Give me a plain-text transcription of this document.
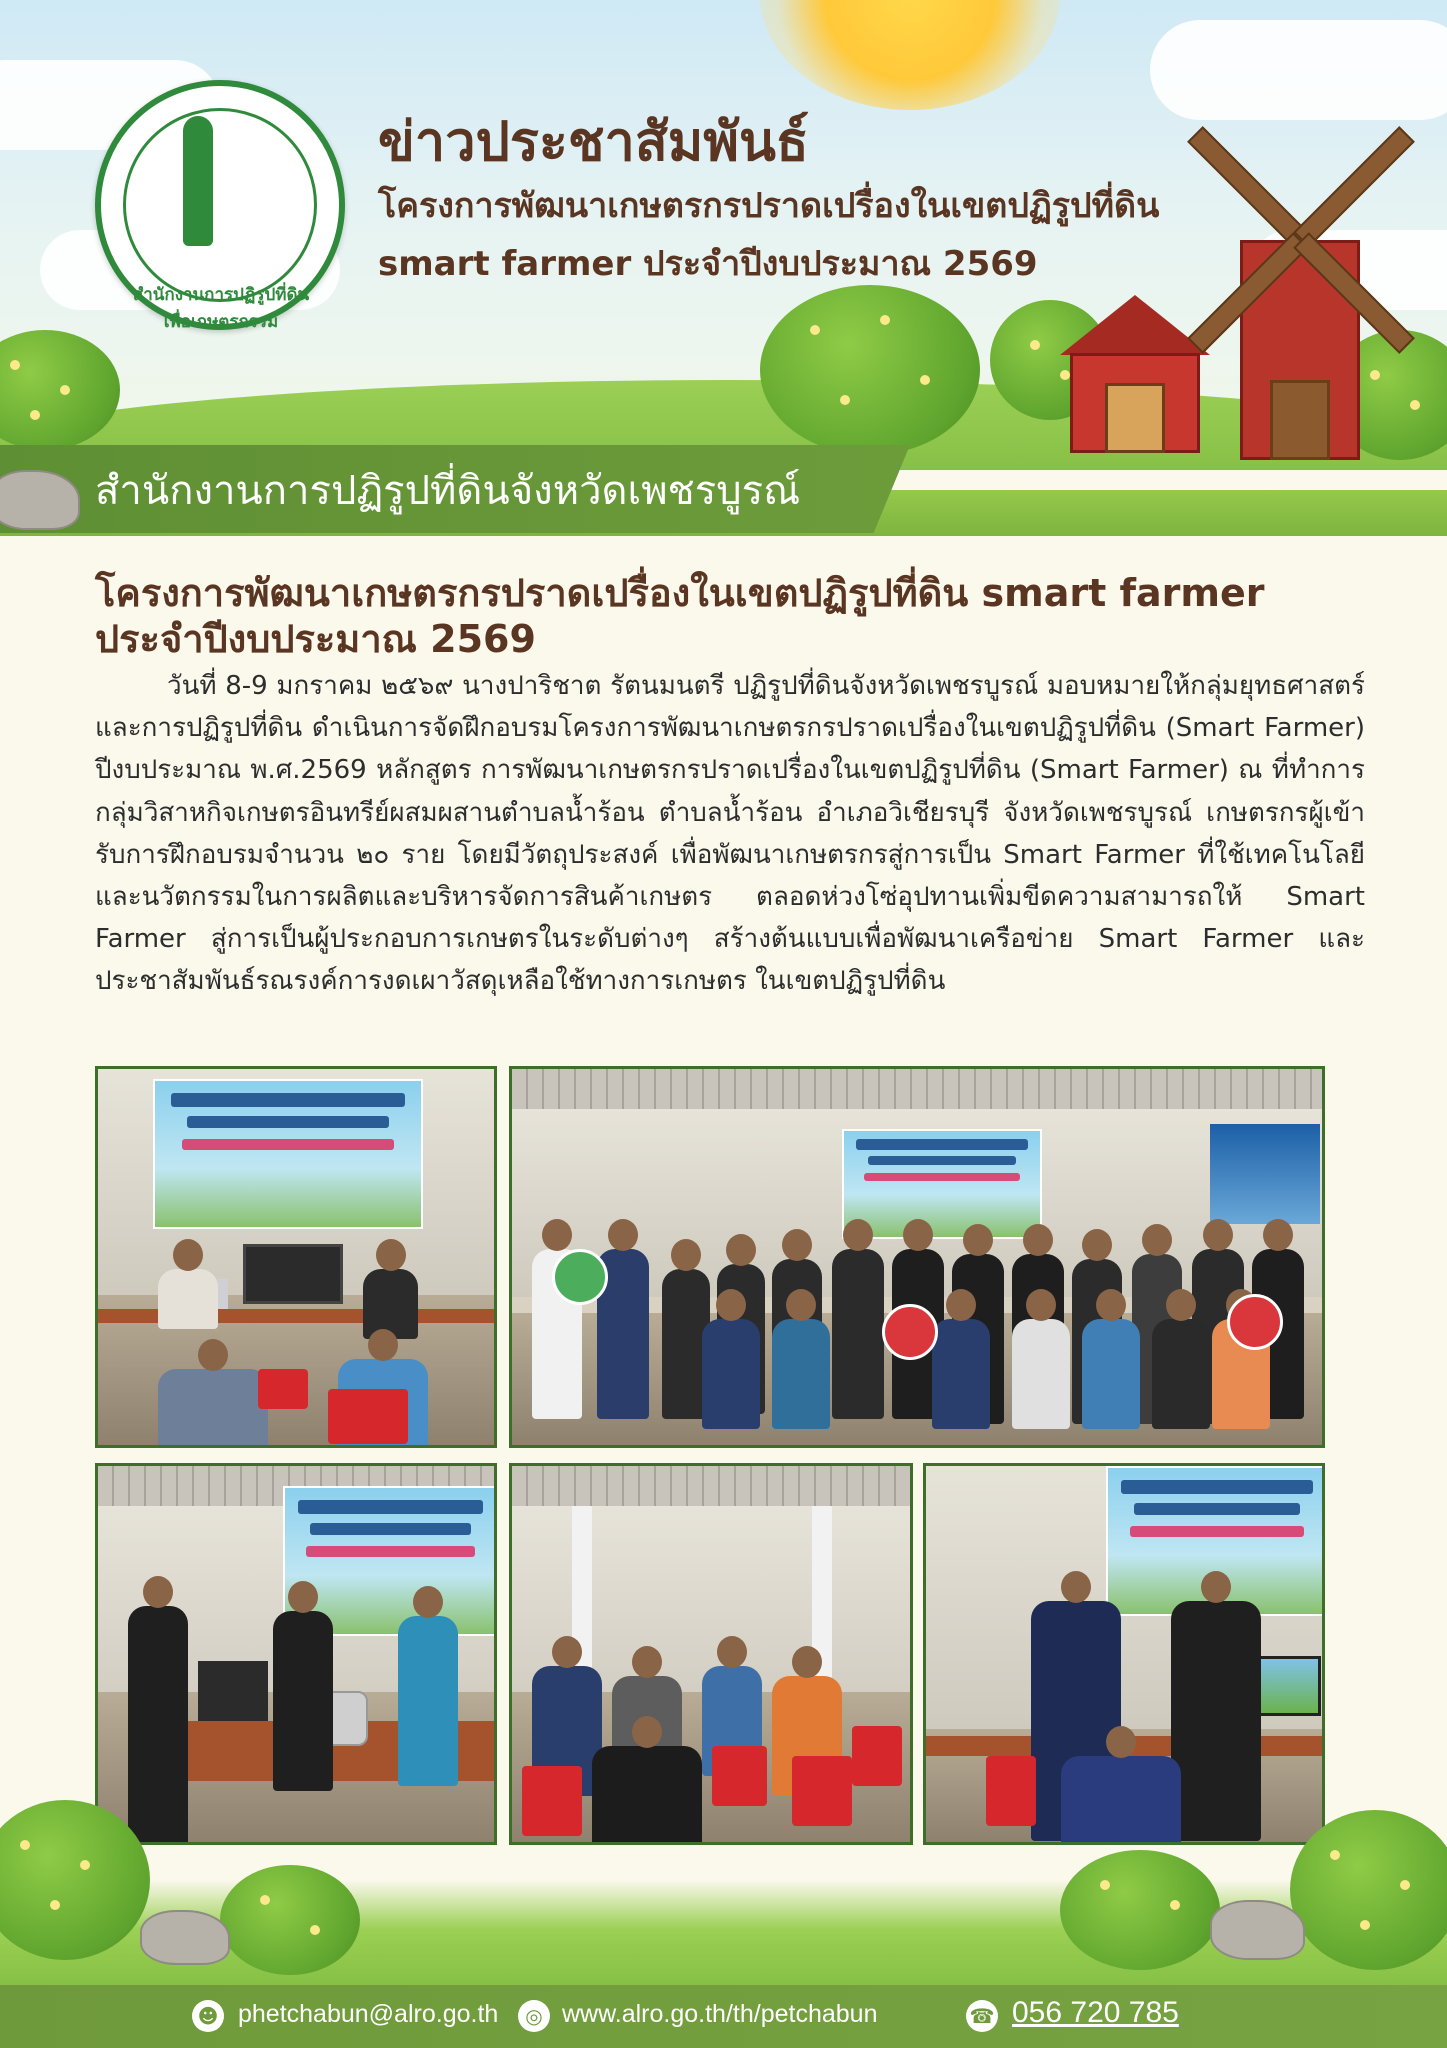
สำนักงานการปฏิรูปที่ดินเพื่อเกษตรกรรม
ข่าวประชาสัมพันธ์
โครงการพัฒนาเกษตรกรปราดเปรื่องในเขตปฏิรูปที่ดิน
smart farmer ประจำปีงบประมาณ 2569
สำนักงานการปฏิรูปที่ดินจังหวัดเพชรบูรณ์
โครงการพัฒนาเกษตรกรปราดเปรื่องในเขตปฏิรูปที่ดิน smart farmer
ประจำปีงบประมาณ 2569
วันที่ 8-9 มกราคม ๒๕๖๙ นางปาริชาต รัตนมนตรี ปฏิรูปที่ดินจังหวัดเพชรบูรณ์ มอบหมายให้กลุ่มยุทธศาสตร์และการปฏิรูปที่ดิน ดำเนินการจัดฝึกอบรมโครงการพัฒนาเกษตรกรปราดเปรื่องในเขตปฏิรูปที่ดิน (Smart Farmer) ปีงบประมาณ พ.ศ.2569 หลักสูตร การพัฒนาเกษตรกรปราดเปรื่องในเขตปฏิรูปที่ดิน (Smart Farmer) ณ ที่ทำการกลุ่มวิสาหกิจเกษตรอินทรีย์ผสมผสานตำบลน้ำร้อน ตำบลน้ำร้อน อำเภอวิเชียรบุรี จังหวัดเพชรบูรณ์ เกษตรกรผู้เข้ารับการฝึกอบรมจำนวน ๒๐ ราย โดยมีวัตถุประสงค์ เพื่อพัฒนาเกษตรกรสู่การเป็น Smart Farmer ที่ใช้เทคโนโลยีและนวัตกรรมในการผลิตและบริหารจัดการสินค้าเกษตร ตลอดห่วงโซ่อุปทานเพิ่มขีดความสามารถให้ Smart Farmer สู่การเป็นผู้ประกอบการเกษตรในระดับต่างๆ สร้างต้นแบบเพื่อพัฒนาเครือข่าย Smart Farmer และประชาสัมพันธ์รณรงค์การงดเผาวัสดุเหลือใช้ทางการเกษตร ในเขตปฏิรูปที่ดิน
☻ phetchabun@alro.go.th	◎ www.alro.go.th/th/petchabun	☎ 056 720 785
